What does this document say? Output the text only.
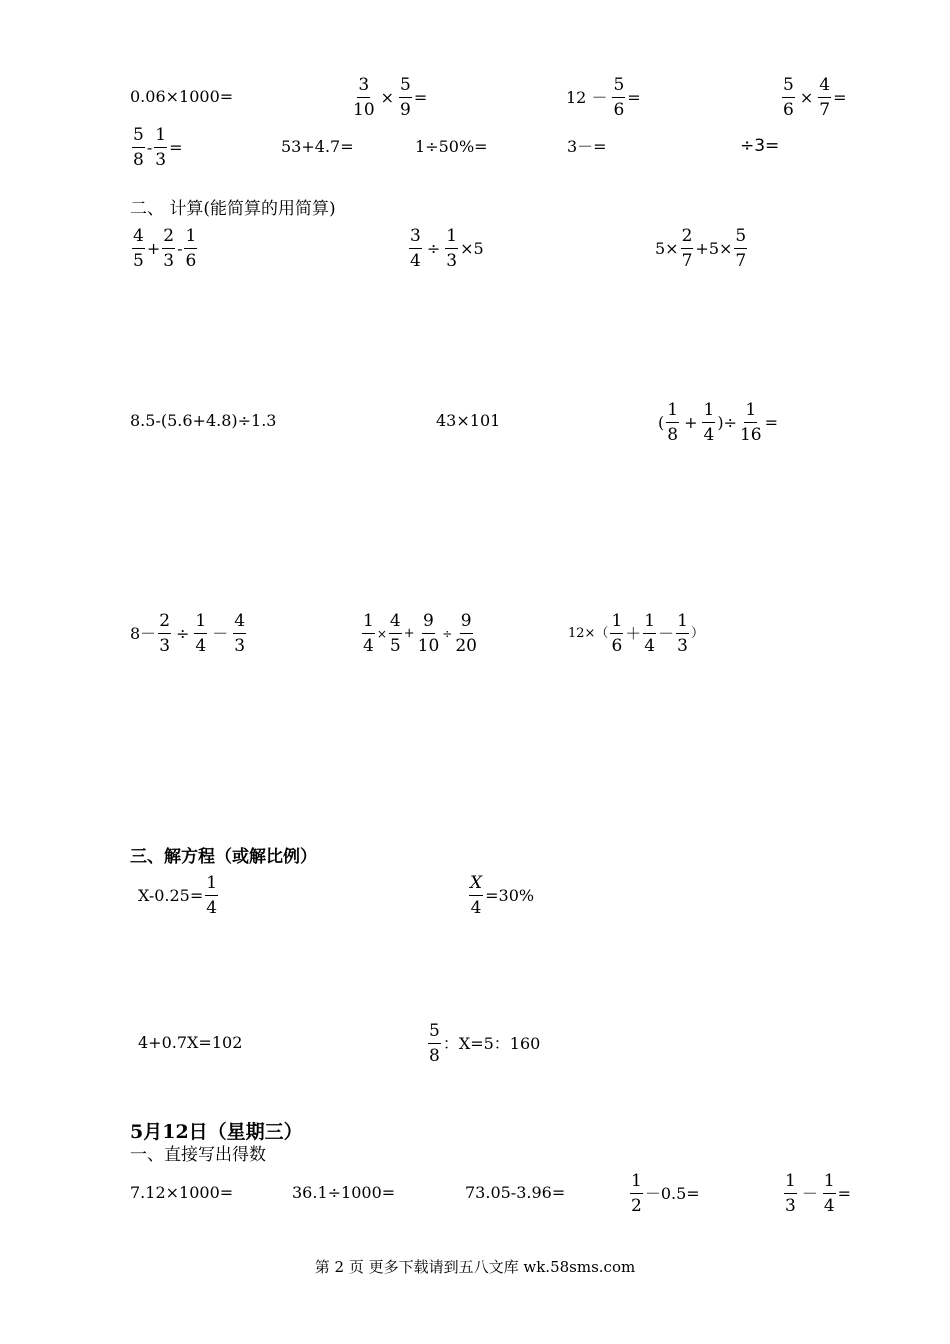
0.06×1000=	$\frac{3}{10} \times \frac{5}{9}$ =	$12 - \frac{5}{6}$ =	$\frac{5}{6} \times \frac{4}{7}$ =
$\frac{5}{8} - \frac{1}{3}$ =	53+4.7=	1÷50%=	3－=	÷3=
二、 计算(能简算的用简算)
$\frac{4}{5} + \frac{2}{3} - \frac{1}{6}$	$\frac{3}{4} \div \frac{1}{3} \times 5$	$5\times \frac{2}{7} +5\times \frac{5}{7}$
8.5-(5.6+4.8)÷1.3	43×101	( $\frac{1}{8} + \frac{1}{4}$ )÷ $\frac{1}{16}$ =
$8- \frac{2}{3} \div \frac{1}{4} - \frac{4}{3}$	$\frac{1}{4} \times \frac{4}{5} + \frac{9}{10} \div \frac{9}{20}$	$12\times( \frac{1}{6} + \frac{1}{4} - \frac{1}{3}$ ）
三、解方程（或解比例）
$X-0.25= \frac{1}{4}$	$\frac{X}{4} =30\%$
4+0.7X=102	$\frac{5}{8}$ ：X=5：160
5月12日（星期三）
一、直接写出得数
7.12×1000=	36.1÷1000=	73.05-3.96=	$\frac{1}{2} -0.5=$	$\frac{1}{3} - \frac{1}{4}$ =
第 2 页 更多下载请到五八文库 wk.58sms.com
